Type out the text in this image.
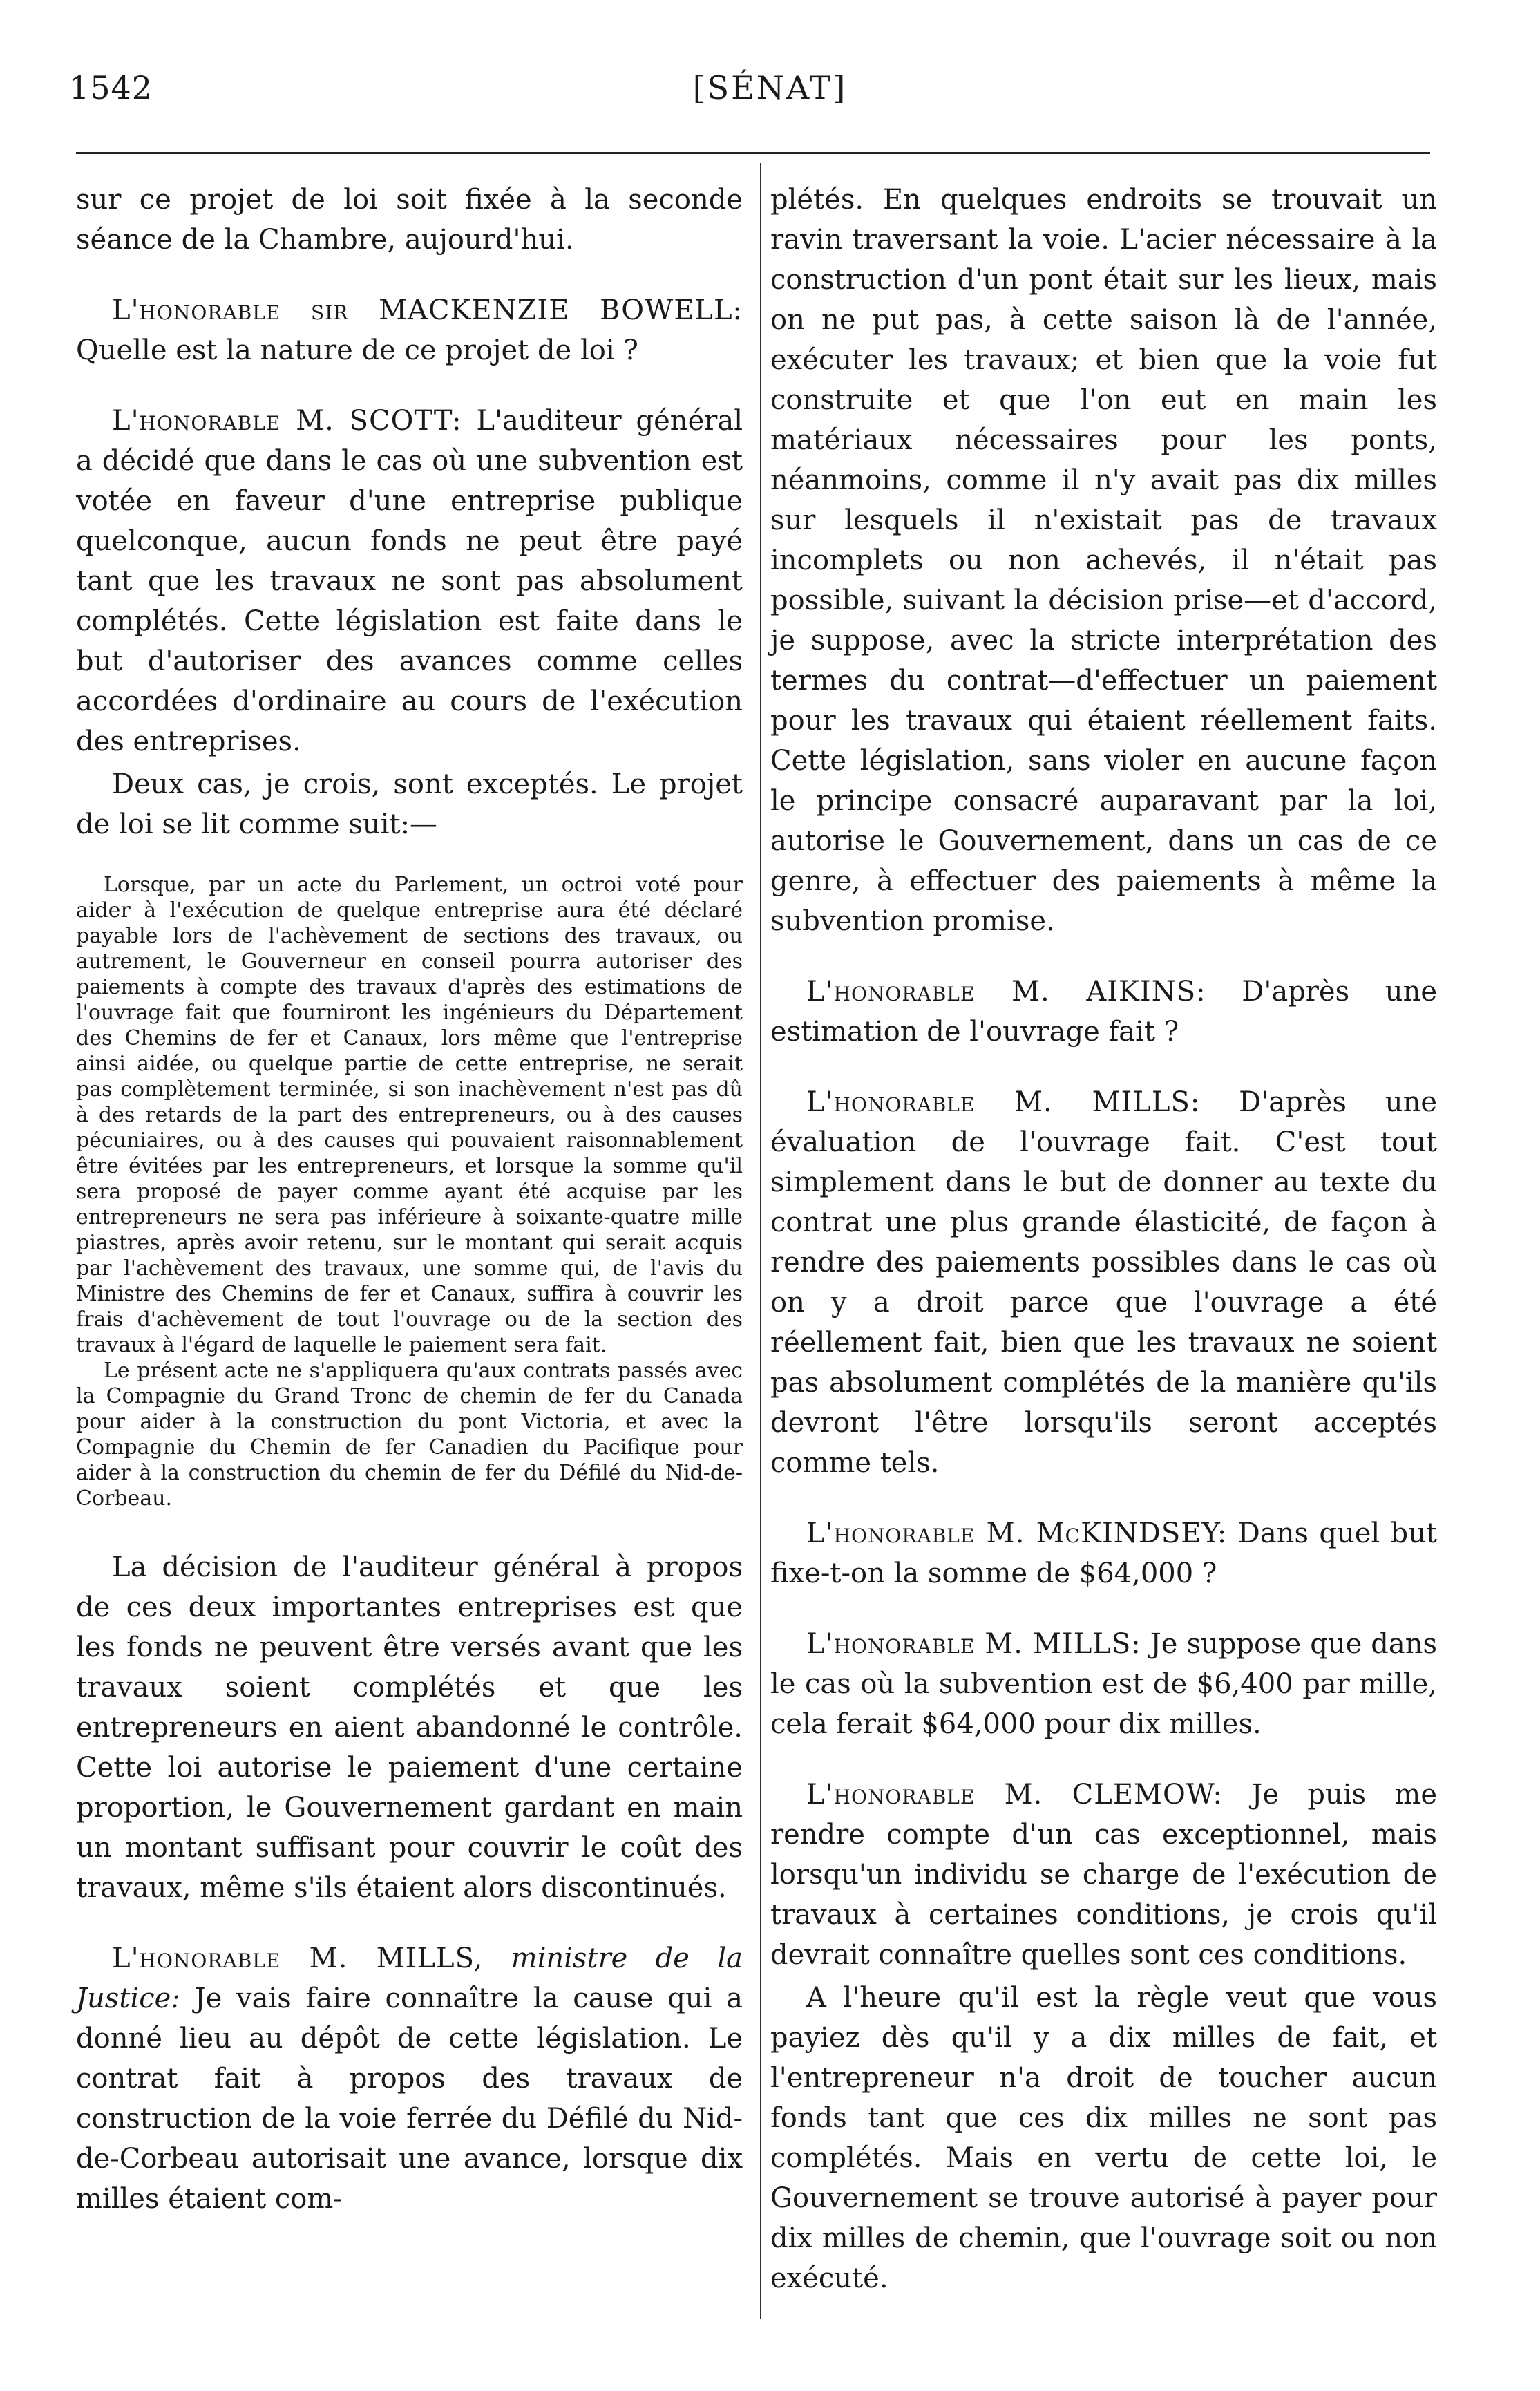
1542	[SÉNAT]

sur ce projet de loi soit fixée à la seconde séance de la Chambre, aujourd'hui.

L'honorable sir MACKENZIE BOWELL: Quelle est la nature de ce projet de loi ?

L'honorable M. SCOTT: L'auditeur général a décidé que dans le cas où une subvention est votée en faveur d'une entreprise publique quelconque, aucun fonds ne peut être payé tant que les travaux ne sont pas absolument complétés. Cette législation est faite dans le but d'autoriser des avances comme celles accordées d'ordinaire au cours de l'exécution des entreprises.

Deux cas, je crois, sont exceptés. Le projet de loi se lit comme suit:—

Lorsque, par un acte du Parlement, un octroi voté pour aider à l'exécution de quelque entreprise aura été déclaré payable lors de l'achèvement de sections des travaux, ou autrement, le Gouverneur en conseil pourra autoriser des paiements à compte des travaux d'après des estimations de l'ouvrage fait que fourniront les ingénieurs du Département des Chemins de fer et Canaux, lors même que l'entreprise ainsi aidée, ou quelque partie de cette entreprise, ne serait pas complètement terminée, si son inachèvement n'est pas dû à des retards de la part des entrepreneurs, ou à des causes pécuniaires, ou à des causes qui pouvaient raisonnablement être évitées par les entrepreneurs, et lorsque la somme qu'il sera proposé de payer comme ayant été acquise par les entrepreneurs ne sera pas inférieure à soixante-quatre mille piastres, après avoir retenu, sur le montant qui serait acquis par l'achèvement des travaux, une somme qui, de l'avis du Ministre des Chemins de fer et Canaux, suffira à couvrir les frais d'achèvement de tout l'ouvrage ou de la section des travaux à l'égard de laquelle le paiement sera fait.

Le présent acte ne s'appliquera qu'aux contrats passés avec la Compagnie du Grand Tronc de chemin de fer du Canada pour aider à la construction du pont Victoria, et avec la Compagnie du Chemin de fer Canadien du Pacifique pour aider à la construction du chemin de fer du Défilé du Nid-de-Corbeau.

La décision de l'auditeur général à propos de ces deux importantes entreprises est que les fonds ne peuvent être versés avant que les travaux soient complétés et que les entrepreneurs en aient abandonné le contrôle. Cette loi autorise le paiement d'une certaine proportion, le Gouvernement gardant en main un montant suffisant pour couvrir le coût des travaux, même s'ils étaient alors discontinués.

L'honorable M. MILLS, ministre de la Justice: Je vais faire connaître la cause qui a donné lieu au dépôt de cette législation. Le contrat fait à propos des travaux de construction de la voie ferrée du Défilé du Nid-de-Corbeau autorisait une avance, lorsque dix milles étaient com-

plétés. En quelques endroits se trouvait un ravin traversant la voie. L'acier nécessaire à la construction d'un pont était sur les lieux, mais on ne put pas, à cette saison là de l'année, exécuter les travaux; et bien que la voie fut construite et que l'on eut en main les matériaux nécessaires pour les ponts, néanmoins, comme il n'y avait pas dix milles sur lesquels il n'existait pas de travaux incomplets ou non achevés, il n'était pas possible, suivant la décision prise—et d'accord, je suppose, avec la stricte interprétation des termes du contrat—d'effectuer un paiement pour les travaux qui étaient réellement faits. Cette législation, sans violer en aucune façon le principe consacré auparavant par la loi, autorise le Gouvernement, dans un cas de ce genre, à effectuer des paiements à même la subvention promise.

L'honorable M. AIKINS: D'après une estimation de l'ouvrage fait ?

L'honorable M. MILLS: D'après une évaluation de l'ouvrage fait. C'est tout simplement dans le but de donner au texte du contrat une plus grande élasticité, de façon à rendre des paiements possibles dans le cas où on y a droit parce que l'ouvrage a été réellement fait, bien que les travaux ne soient pas absolument complétés de la manière qu'ils devront l'être lorsqu'ils seront acceptés comme tels.

L'honorable M. McKINDSEY: Dans quel but fixe-t-on la somme de $64,000 ?

L'honorable M. MILLS: Je suppose que dans le cas où la subvention est de $6,400 par mille, cela ferait $64,000 pour dix milles.

L'honorable M. CLEMOW: Je puis me rendre compte d'un cas exceptionnel, mais lorsqu'un individu se charge de l'exécution de travaux à certaines conditions, je crois qu'il devrait connaître quelles sont ces conditions.

A l'heure qu'il est la règle veut que vous payiez dès qu'il y a dix milles de fait, et l'entrepreneur n'a droit de toucher aucun fonds tant que ces dix milles ne sont pas complétés. Mais en vertu de cette loi, le Gouvernement se trouve autorisé à payer pour dix milles de chemin, que l'ouvrage soit ou non exécuté.
